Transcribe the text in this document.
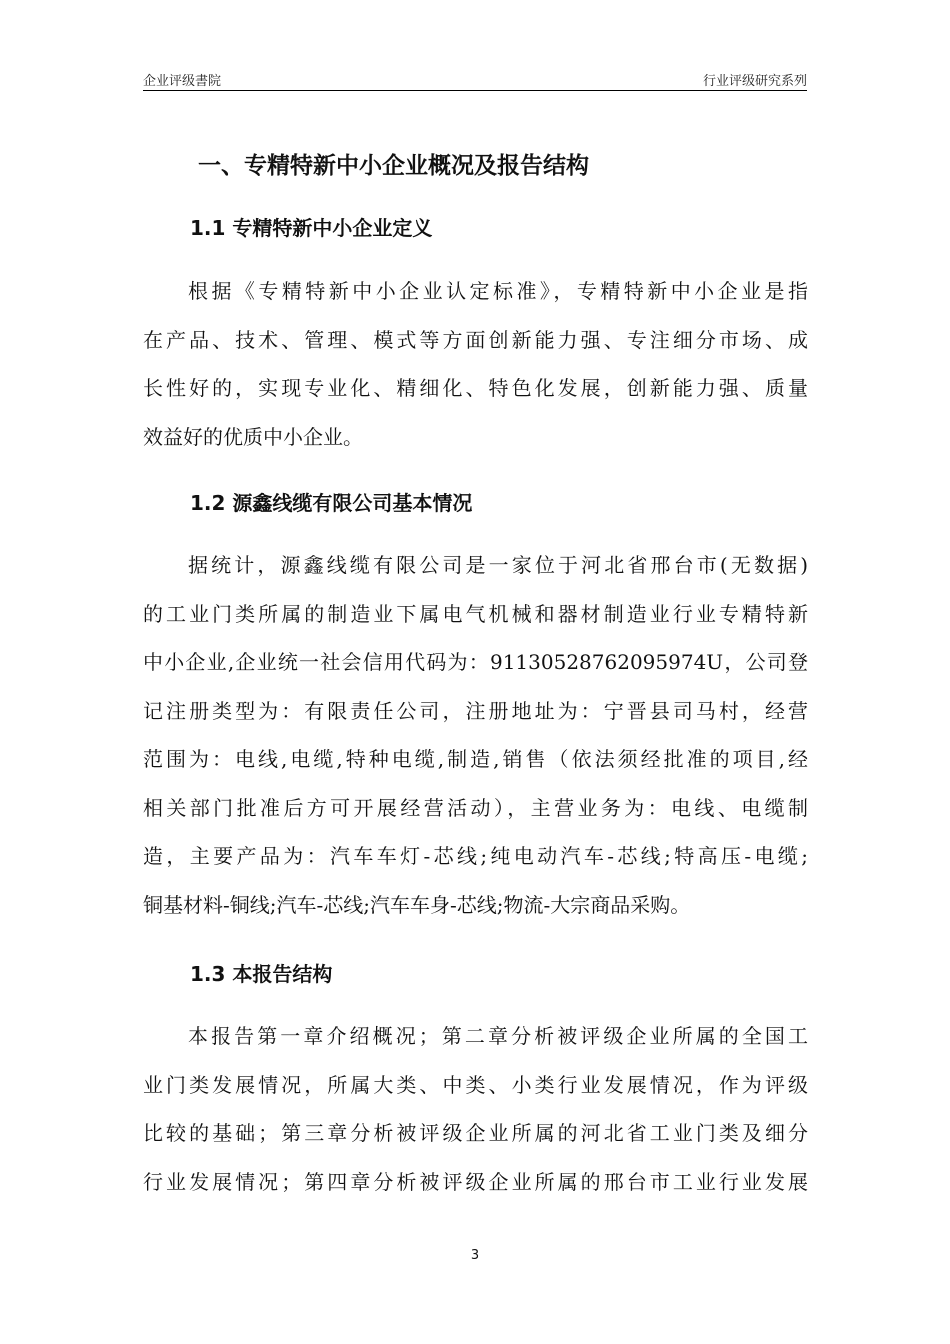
企业评级書院	行业评级研究系列
一、专精特新中小企业概况及报告结构
1.1 专精特新中小企业定义
根据《专精特新中小企业认定标准》，专精特新中小企业是指
在产品、技术、管理、模式等方面创新能力强、专注细分市场、成
长性好的，实现专业化、精细化、特色化发展，创新能力强、质量
效益好的优质中小企业。
1.2 源鑫线缆有限公司基本情况
据统计，源鑫线缆有限公司是一家位于河北省邢台市(无数据)
的工业门类所属的制造业下属电气机械和器材制造业行业专精特新
中小企业,企业统一社会信用代码为：91130528762095974U，公司登
记注册类型为：有限责任公司，注册地址为：宁晋县司马村，经营
范围为：电线,电缆,特种电缆,制造,销售（依法须经批准的项目,经
相关部门批准后方可开展经营活动），主营业务为：电线、电缆制
造，主要产品为：汽车车灯-芯线;纯电动汽车-芯线;特高压-电缆;
铜基材料-铜线;汽车-芯线;汽车车身-芯线;物流-大宗商品采购。
1.3 本报告结构
本报告第一章介绍概况；第二章分析被评级企业所属的全国工
业门类发展情况，所属大类、中类、小类行业发展情况，作为评级
比较的基础；第三章分析被评级企业所属的河北省工业门类及细分
行业发展情况；第四章分析被评级企业所属的邢台市工业行业发展
3
